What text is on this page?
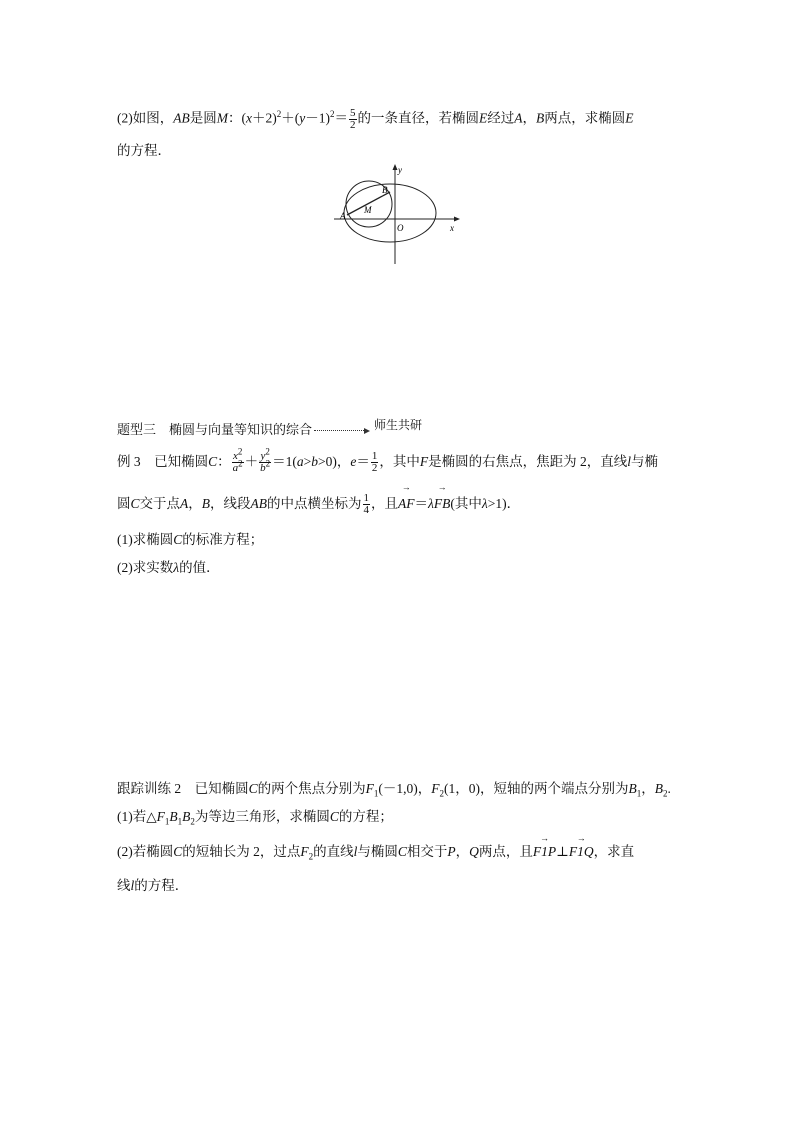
(2)如图，AB是圆M：$(x+2)^2+(y-1)^2= \frac{5}{2}$ 的一条直径，若椭圆E经过A，B两点，求椭圆E
的方程．
y
x
B
M
A
O
题型三　椭圆与向量等知识的综合	师生共研
例 3　已知椭圆C： $\frac{x^2}{a^2} + \frac{y^2}{b^2} =1(a>b>0)$，$e= \frac{1}{2}$ ，其中F是椭圆的右焦点，焦距为 2，直线l与椭
圆C交于点A，B，线段AB的中点横坐标为 $\frac{1}{4}$ ，且→ AF＝λ→ FB(其中λ>1)．
(1)求椭圆C的标准方程；
(2)求实数λ的值．
跟踪训练 2　已知椭圆C的两个焦点分别为$F_1(-1,0)$，$F_2(1$，0)，短轴的两个端点分别为$B_1$，$B_2$.
(1)若$\triangle F_1B_1B_2$为等边三角形，求椭圆C的方程；
(2)若椭圆C的短轴长为 2，过点$F_2$的直线l与椭圆C相交于P，Q两点，且→ F1P⊥→ F1Q，求直
线l的方程．
